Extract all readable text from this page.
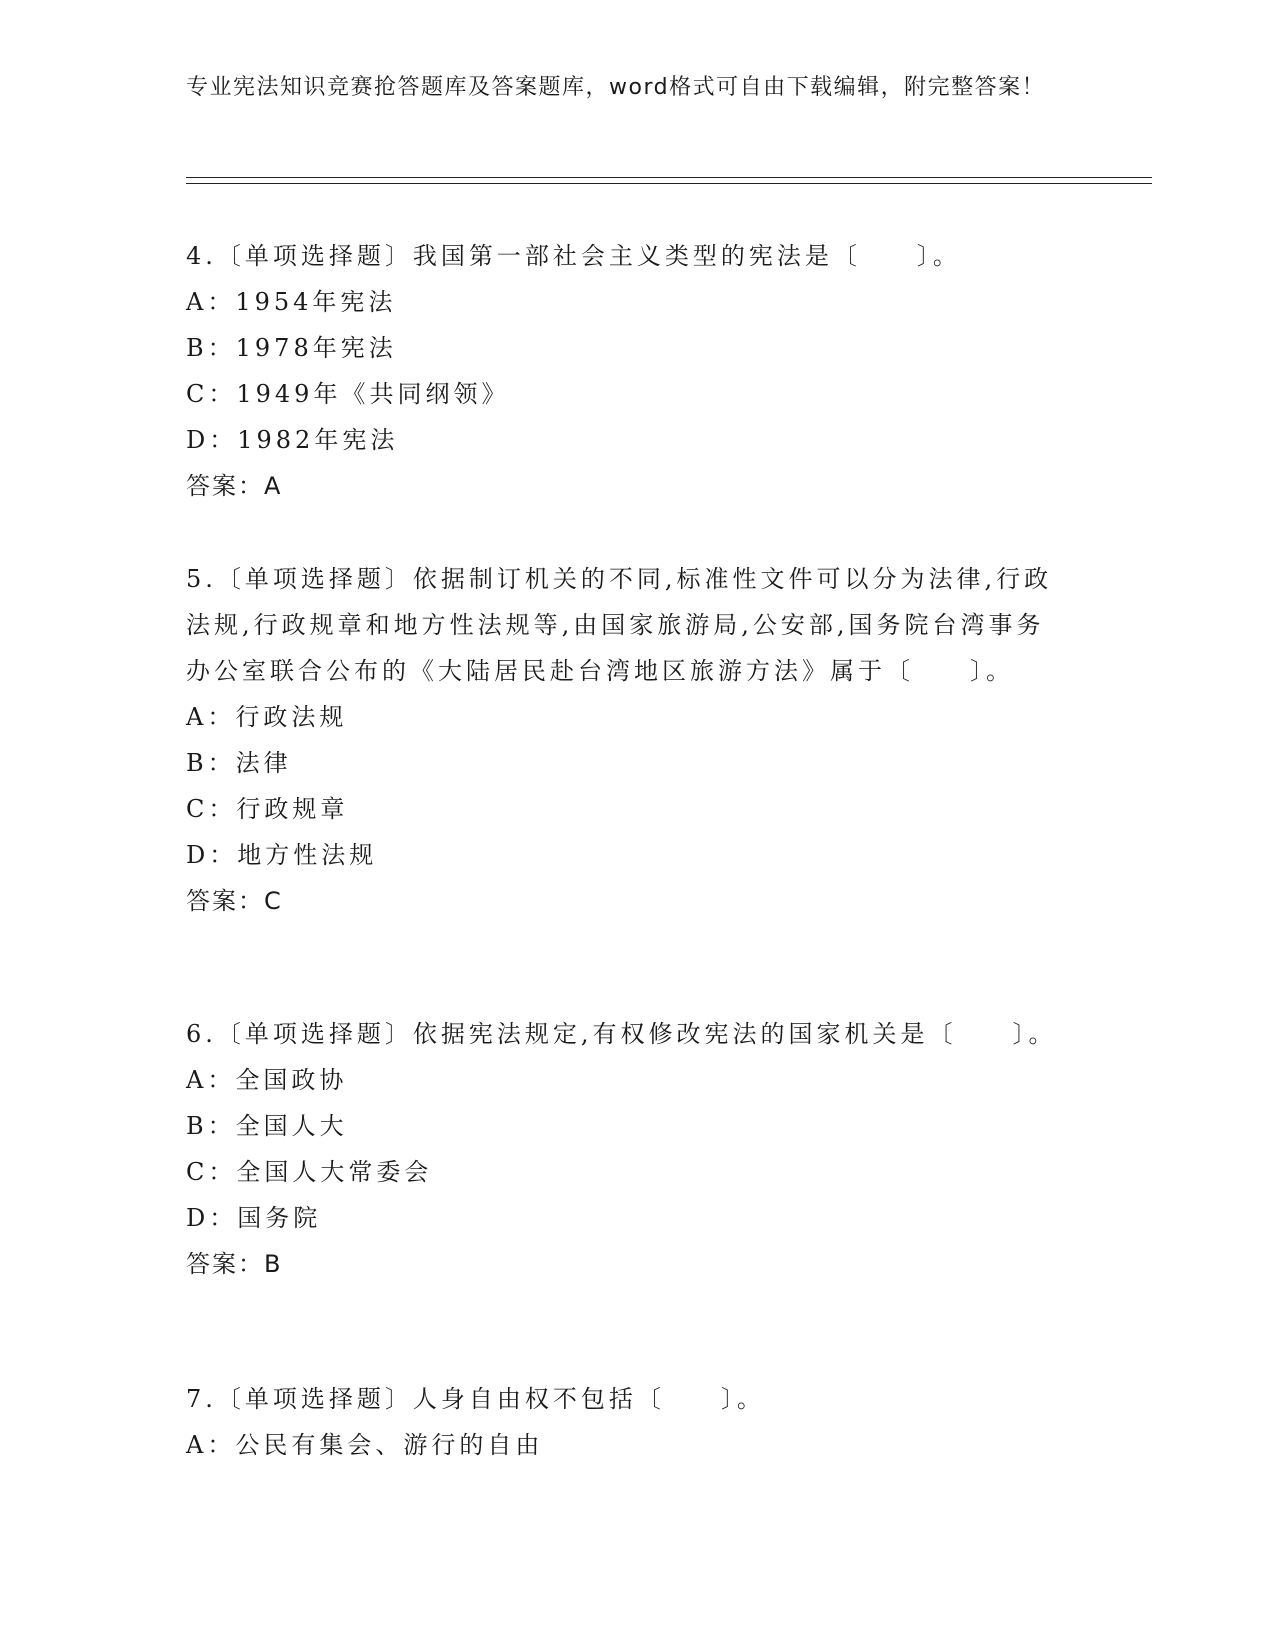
专业宪法知识竞赛抢答题库及答案题库，word格式可自由下载编辑，附完整答案！

4.〔单项选择题〕我国第一部社会主义类型的宪法是〔　　〕。

A：1954年宪法

B：1978年宪法

C：1949年《共同纲领》

D：1982年宪法

答案：A

5.〔单项选择题〕依据制订机关的不同,标准性文件可以分为法律,行政法规,行政规章和地方性法规等,由国家旅游局,公安部,国务院台湾事务办公室联合公布的《大陆居民赴台湾地区旅游方法》属于〔　　〕。

A：行政法规

B：法律

C：行政规章

D：地方性法规

答案：C

6.〔单项选择题〕依据宪法规定,有权修改宪法的国家机关是〔　　〕。

A：全国政协

B：全国人大

C：全国人大常委会

D：国务院

答案：B

7.〔单项选择题〕人身自由权不包括〔　　〕。

A：公民有集会、游行的自由
